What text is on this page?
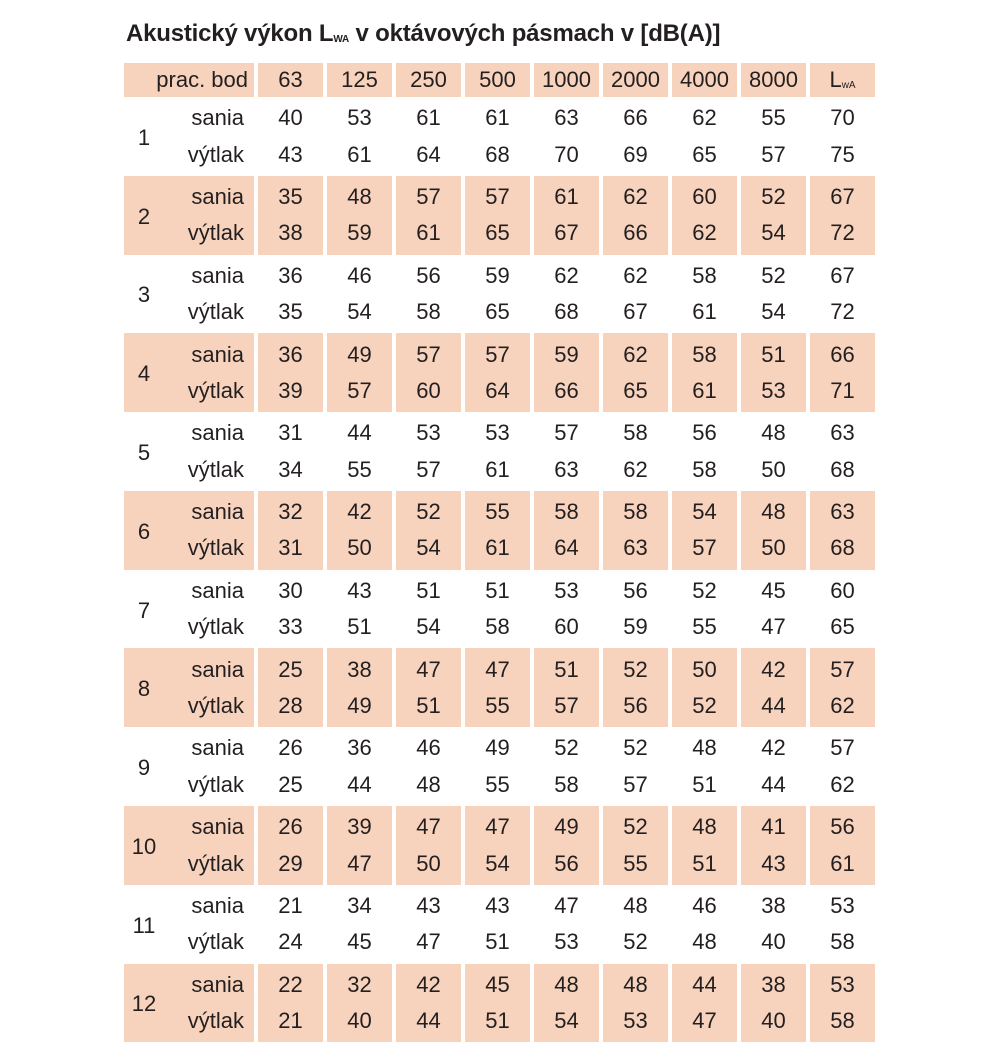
Akustický výkon LWA v oktávových pásmach v [dB(A)]
prac. bod		63	125	250	500	1000	2000	4000	8000	LwA
1	sania	40	53	61	61	63	66	62	55	70
	výtlak	43	61	64	68	70	69	65	57	75
2	sania	35	48	57	57	61	62	60	52	67
	výtlak	38	59	61	65	67	66	62	54	72
3	sania	36	46	56	59	62	62	58	52	67
	výtlak	35	54	58	65	68	67	61	54	72
4	sania	36	49	57	57	59	62	58	51	66
	výtlak	39	57	60	64	66	65	61	53	71
5	sania	31	44	53	53	57	58	56	48	63
	výtlak	34	55	57	61	63	62	58	50	68
6	sania	32	42	52	55	58	58	54	48	63
	výtlak	31	50	54	61	64	63	57	50	68
7	sania	30	43	51	51	53	56	52	45	60
	výtlak	33	51	54	58	60	59	55	47	65
8	sania	25	38	47	47	51	52	50	42	57
	výtlak	28	49	51	55	57	56	52	44	62
9	sania	26	36	46	49	52	52	48	42	57
	výtlak	25	44	48	55	58	57	51	44	62
10	sania	26	39	47	47	49	52	48	41	56
	výtlak	29	47	50	54	56	55	51	43	61
11	sania	21	34	43	43	47	48	46	38	53
	výtlak	24	45	47	51	53	52	48	40	58
12	sania	22	32	42	45	48	48	44	38	53
	výtlak	21	40	44	51	54	53	47	40	58
